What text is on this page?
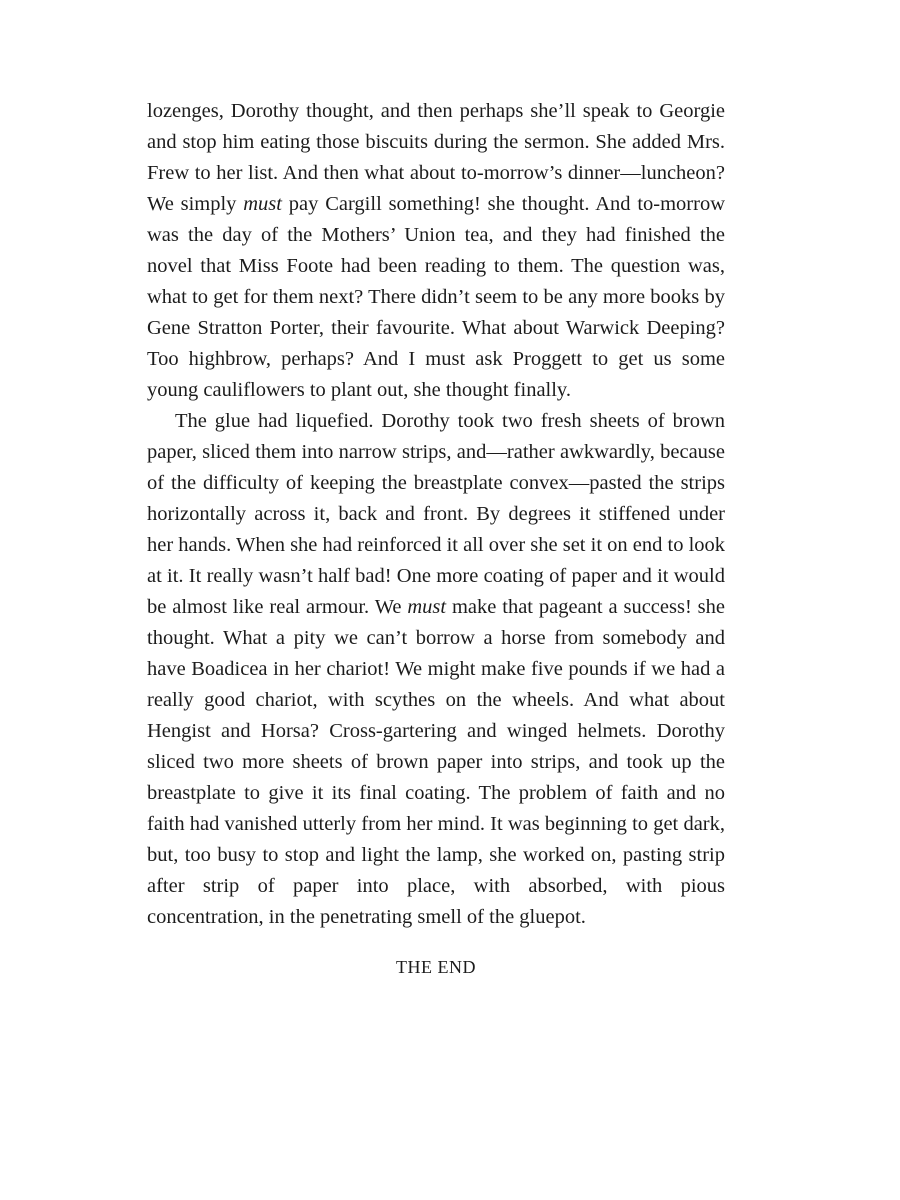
lozenges, Dorothy thought, and then perhaps she’ll speak to Georgie and stop him eating those biscuits during the sermon. She added Mrs. Frew to her list. And then what about to-morrow’s dinner—luncheon? We simply must pay Cargill something! she thought. And to-morrow was the day of the Mothers’ Union tea, and they had finished the novel that Miss Foote had been reading to them. The question was, what to get for them next? There didn’t seem to be any more books by Gene Stratton Porter, their favourite. What about Warwick Deeping? Too highbrow, perhaps? And I must ask Proggett to get us some young cauliflowers to plant out, she thought finally.

The glue had liquefied. Dorothy took two fresh sheets of brown paper, sliced them into narrow strips, and—rather awkwardly, because of the difficulty of keeping the breastplate convex—pasted the strips horizontally across it, back and front. By degrees it stiffened under her hands. When she had reinforced it all over she set it on end to look at it. It really wasn’t half bad! One more coating of paper and it would be almost like real armour. We must make that pageant a success! she thought. What a pity we can’t borrow a horse from somebody and have Boadicea in her chariot! We might make five pounds if we had a really good chariot, with scythes on the wheels. And what about Hengist and Horsa? Cross-gartering and winged helmets. Dorothy sliced two more sheets of brown paper into strips, and took up the breastplate to give it its final coating. The problem of faith and no faith had vanished utterly from her mind. It was beginning to get dark, but, too busy to stop and light the lamp, she worked on, pasting strip after strip of paper into place, with absorbed, with pious concentration, in the penetrating smell of the gluepot.

THE END
